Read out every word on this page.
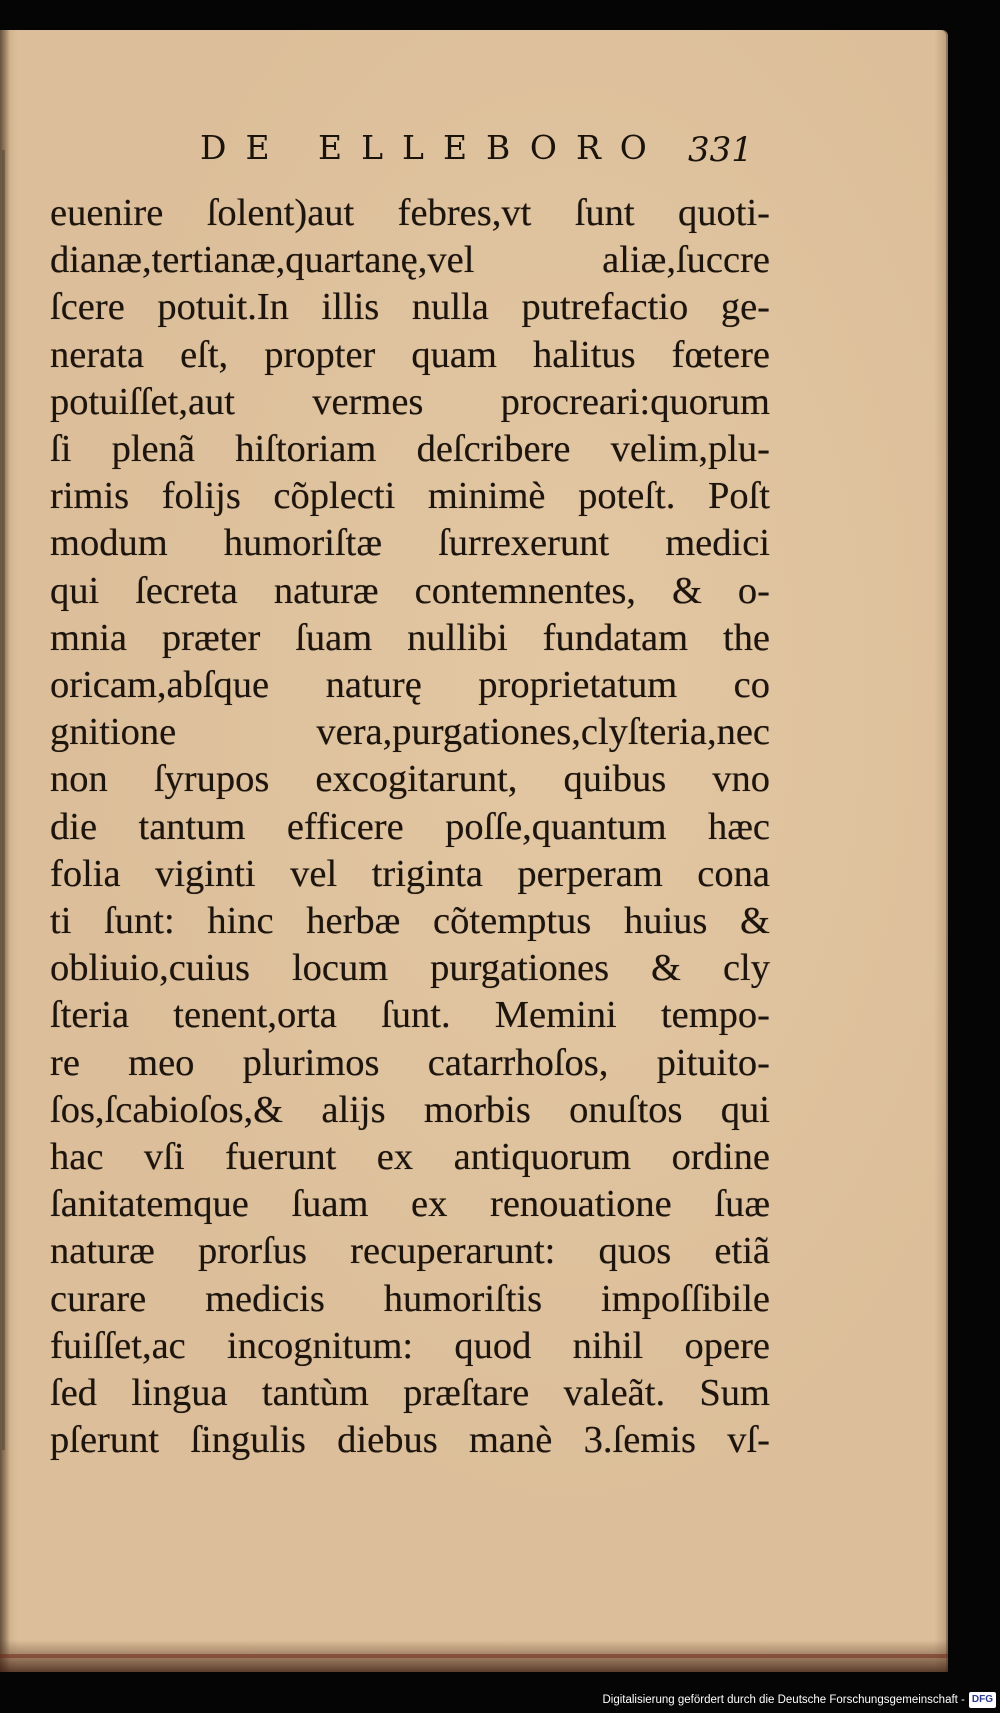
DE ELLEBORO 331
euenire ſolent)aut febres,vt ſunt quoti-
dianæ,tertianæ,quartanę,vel aliæ,ſuccre
ſcere potuit.In illis nulla putrefactio ge-
nerata eſt, propter quam halitus fœtere
potuiſſet,aut vermes procreari:quorum
ſi plenã hiſtoriam deſcribere velim,plu-
rimis folijs cõplecti minimè poteſt. Poſt
modum humoriſtæ ſurrexerunt medici
qui ſecreta naturæ contemnentes, & o-
mnia præter ſuam nullibi fundatam the
oricam,abſque naturę proprietatum co
gnitione vera,purgationes,clyſteria,nec
non ſyrupos excogitarunt, quibus vno
die tantum efficere poſſe,quantum hæc
folia viginti vel triginta perperam cona
ti ſunt: hinc herbæ cõtemptus huius &
obliuio,cuius locum purgationes & cly
ſteria tenent,orta ſunt. Memini tempo-
re meo plurimos catarrhoſos, pituito-
ſos,ſcabioſos,& alijs morbis onuſtos qui
hac vſi fuerunt ex antiquorum ordine
ſanitatemque ſuam ex renouatione ſuæ
naturæ prorſus recuperarunt: quos etiã
curare medicis humoriſtis impoſſibile
fuiſſet,ac incognitum: quod nihil opere
ſed lingua tantùm præſtare valeãt. Sum
pſerunt ſingulis diebus manè 3.ſemis vſ-
Digitalisierung gefördert durch die Deutsche Forschungsgemeinschaft - DFG
